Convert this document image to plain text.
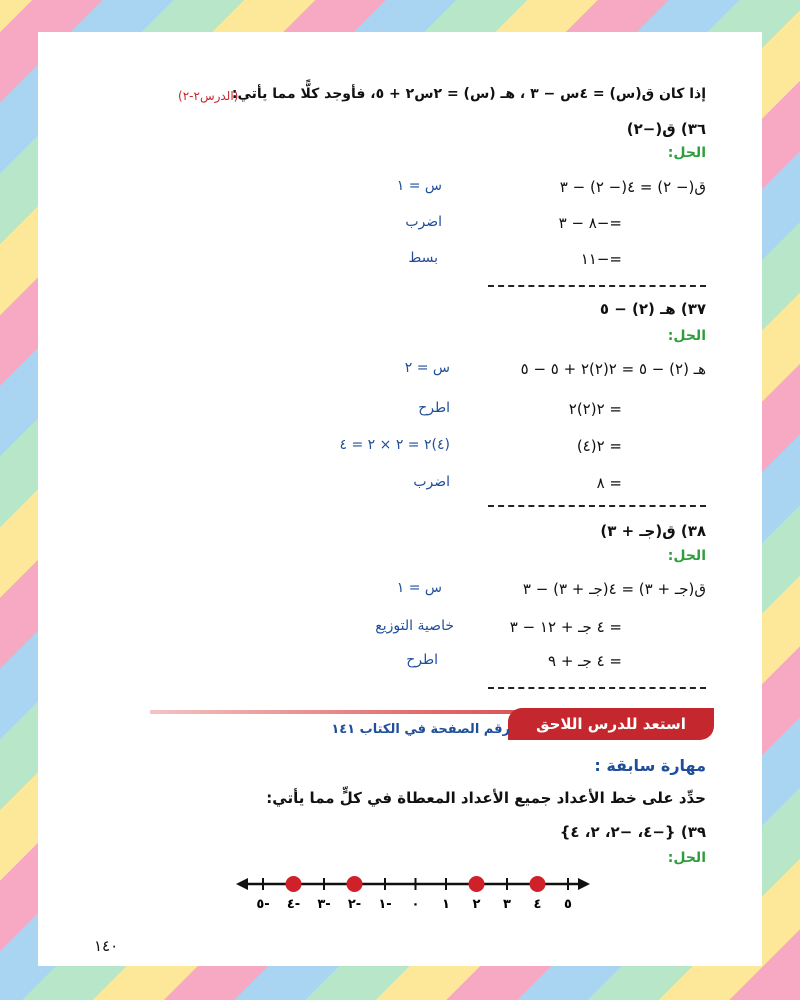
إذا كان ق(س) = ٤س − ٣ ، هـ (س) = ٢س٢ + ٥، فأوجد كلًّا مما يأتي:
(الدرس٢-٢)
٣٦) ق(−٢)
الحل:
ق(− ٢) = ٤(− ٢) − ٣
س = ١
=−٨ − ٣
اضرب
=−١١
بسط
٣٧) هـ (٢) − ٥
الحل:
هـ (٢) − ٥ = ٢(٢)٢ + ٥ − ٥
س = ٢
= ٢(٢)٢
اطرح
= ٢(٤)
(٤)٢ = ٢ × ٢ = ٤
= ٨
اضرب
٣٨) ق(جـ + ٣)
الحل:
ق(جـ + ٣) = ٤(جـ + ٣) − ٣
س = ١
= ٤ جـ + ١٢ − ٣
خاصية التوزيع
= ٤ جـ + ٩
اطرح
استعد للدرس اللاحق
رقم الصفحة في الكتاب ١٤١
مهارة سابقة :
حدِّد على خط الأعداد جميع الأعداد المعطاة في كلٍّ مما يأتي:
٣٩) {−٤، −٢، ٢، ٤}
الحل:
٥- ٤- ٣- ٢- ١- ٠ ١ ٢ ٣ ٤ ٥
١٤٠
